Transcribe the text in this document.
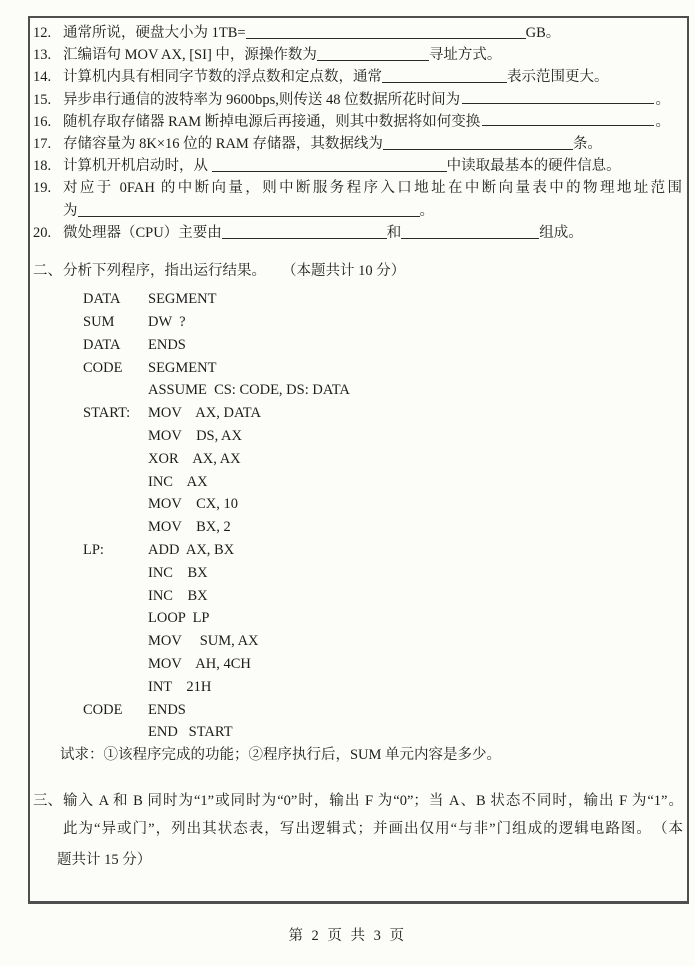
12. 通常所说，硬盘大小为 1TB=	GB。
13. 汇编语句 MOV AX, [SI] 中，源操作数为	寻址方式。
14. 计算机内具有相同字节数的浮点数和定点数，通常	表示范围更大。
15. 异步串行通信的波特率为 9600bps,则传送 48 位数据所花时间为	。
16. 随机存取存储器 RAM 断掉电源后再接通，则其中数据将如何变换	。
17. 存储容量为 8K×16 位的 RAM 存储器，其数据线为	条。
18. 计算机开机启动时，从	中读取最基本的硬件信息。
19. 对应于 0FAH 的中断向量，则中断服务程序入口地址在中断向量表中的物理地址范围
为	。
20. 微处理器（CPU）主要由	和	组成。
二、 分析下列程序，指出运行结果。 （本题共计 10 分）
DATA	SEGMENT
SUM	DW  ?
DATA	ENDS
CODE	SEGMENT
ASSUME  CS: CODE, DS: DATA
START:	MOV    AX, DATA
MOV    DS, AX
XOR    AX, AX
INC    AX
MOV    CX, 10
MOV    BX, 2
LP:	ADD  AX, BX
INC    BX
INC    BX
LOOP  LP
MOV     SUM, AX
MOV    AH, 4CH
INT    21H
CODE	ENDS
END   START
试求：①该程序完成的功能；②程序执行后，SUM 单元内容是多少。
三、 输入 A 和 B 同时为“1”或同时为“0”时，输出 F 为“0”；当 A、B 状态不同时，输出 F 为“1”。
此为“异或门”，列出其状态表，写出逻辑式；并画出仅用“与非”门组成的逻辑电路图。　（本
题共计 15 分）
第 2 页 共 3 页
